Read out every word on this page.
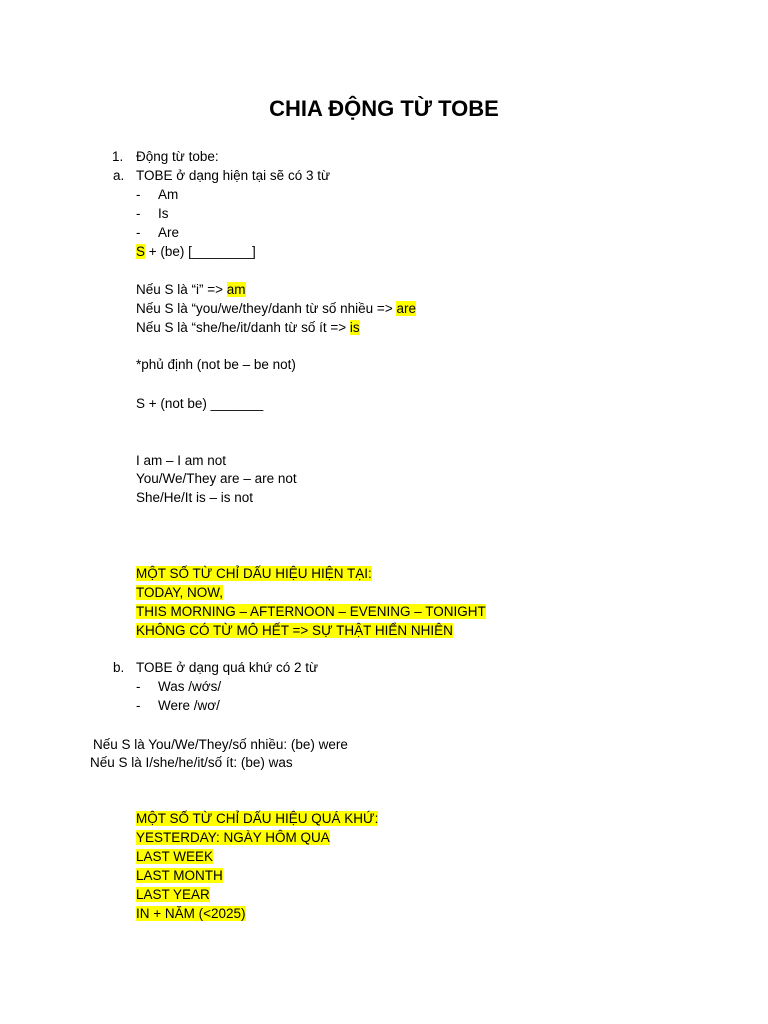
CHIA ĐỘNG TỪ TOBE
1. Động từ tobe:
a. TOBE ở dạng hiện tại sẽ có 3 từ
- Am
- Is
- Are
S + (be) [________]
Nếu S là “i” => am
Nếu S là “you/we/they/danh từ số nhiều => are
Nếu S là “she/he/it/danh từ số ít => is
*phủ định (not be – be not)
S + (not be) _______
I am – I am not
You/We/They are – are not
She/He/It is – is not
MỘT SỐ TỪ CHỈ DẤU HIỆU HIỆN TẠI:
TODAY, NOW,
THIS MORNING – AFTERNOON – EVENING – TONIGHT
KHÔNG CÓ TỪ MÔ HẾT => SỰ THẬT HIỂN NHIÊN
b. TOBE ở dạng quá khứ có 2 từ
- Was /wớs/
- Were /wơ/
Nếu S là You/We/They/số nhiều: (be) were
Nếu S là I/she/he/it/số ít: (be) was
MỘT SỐ TỪ CHỈ DẤU HIỆU QUÁ KHỨ:
YESTERDAY: NGÀY HÔM QUA
LAST WEEK
LAST MONTH
LAST YEAR
IN + NĂM (<2025)
